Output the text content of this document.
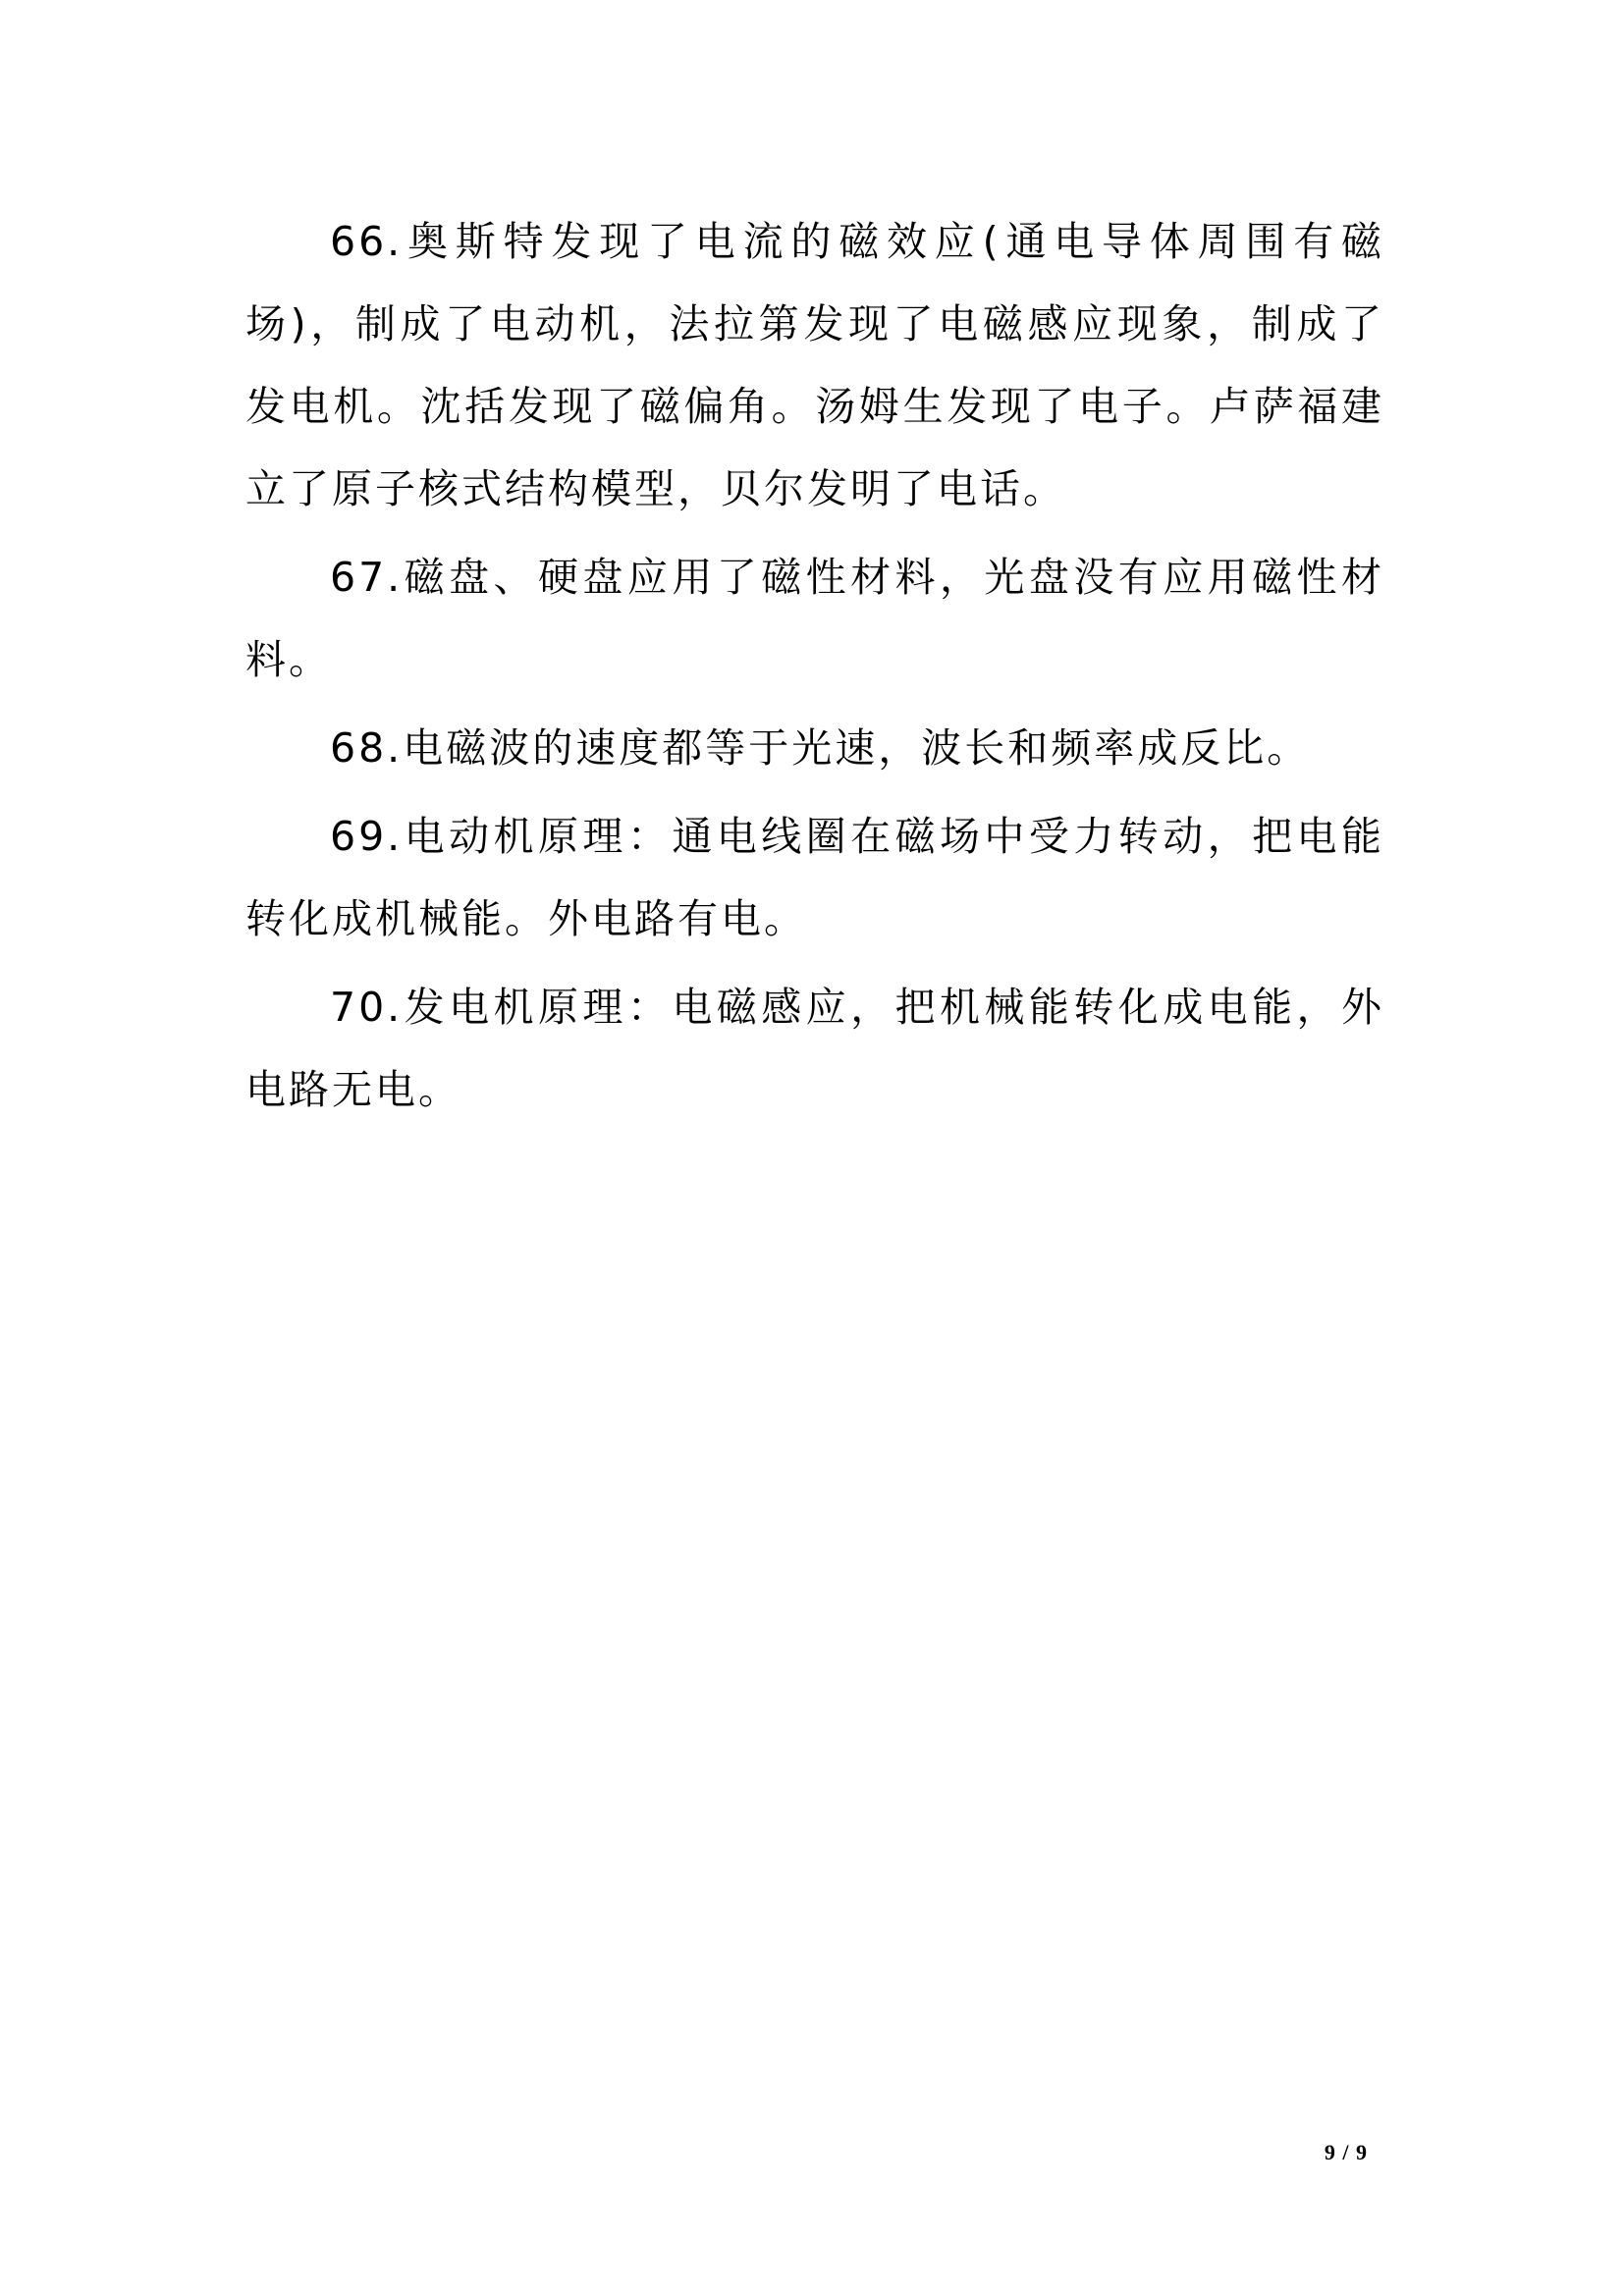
66.奥斯特发现了电流的磁效应(通电导体周围有磁场)，制成了电动机，法拉第发现了电磁感应现象，制成了发电机。沈括发现了磁偏角。汤姆生发现了电子。卢萨福建立了原子核式结构模型，贝尔发明了电话。

67.磁盘、硬盘应用了磁性材料，光盘没有应用磁性材料。

68.电磁波的速度都等于光速，波长和频率成反比。

69.电动机原理：通电线圈在磁场中受力转动，把电能转化成机械能。外电路有电。

70.发电机原理：电磁感应，把机械能转化成电能，外电路无电。

9 / 9
